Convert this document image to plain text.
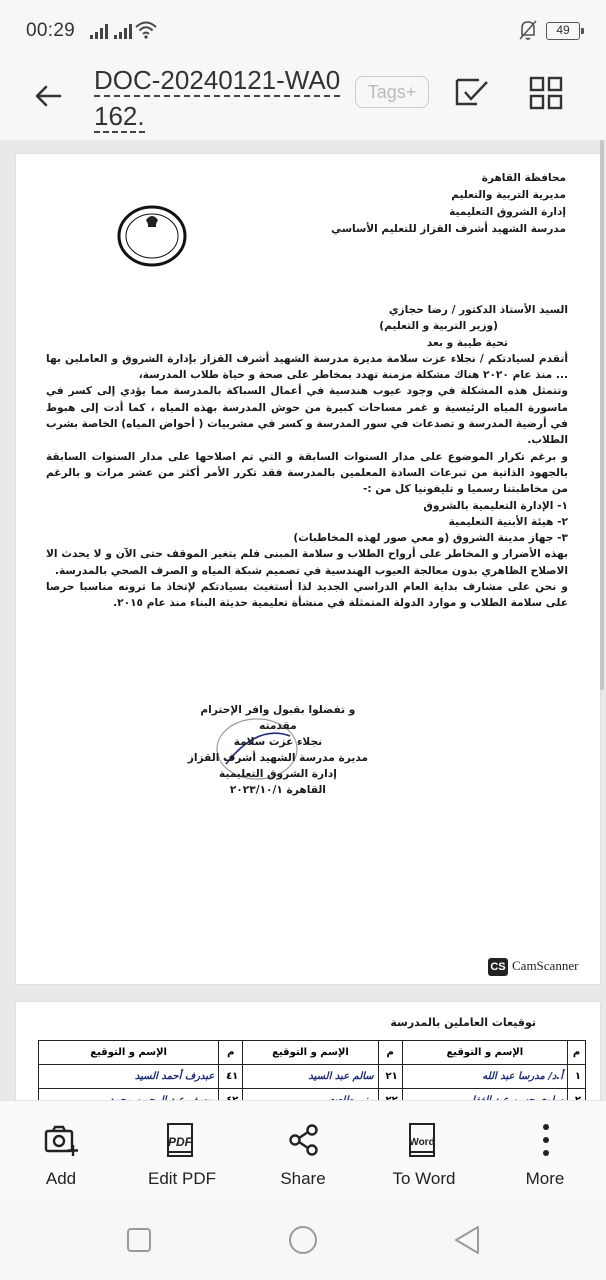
00:29	49
DOC-20240121-WA0162.
Tags+
محافظة القاهرة
مديرية التربية والتعليم
إدارة الشروق التعليمية
مدرسة الشهيد أشرف القزاز للتعليم الأساسي

السيد الأستاذ الدكتور / رضا حجازي

(وزير التربية و التعليم)

تحية طيبة و بعد

أتقدم لسيادتكم / نجلاء عزت سلامة مديرة مدرسة الشهيد أشرف القزاز بإدارة الشروق و العاملين بها ... منذ عام ٢٠٢٠ هناك مشكلة مزمنة تهدد بمخاطر على صحة و حياة طلاب المدرسة،

وتتمثل هذه المشكلة في وجود عيوب هندسية في أعمال السباكة بالمدرسة مما يؤدي إلى كسر في ماسورة المياه الرئيسية و غمر مساحات كبيرة من حوش المدرسة بهذه المياه ، كما أدت إلى هبوط في أرضية المدرسة و تصدعات في سور المدرسة و كسر في مشربيات ( أحواض المياه) الخاصة بشرب الطلاب.

و برغم تكرار الموضوع على مدار السنوات السابقة و التي تم اصلاحها على مدار السنوات السابقة بالجهود الذاتية من تبرعات السادة المعلمين بالمدرسة فقد تكرر الأمر أكثر من عشر مرات و بالرغم من مخاطبتنا رسميا و تليفونيا كل من :-

١- الإدارة التعليمية بالشروق

٢- هيئة الأبنية التعليمية

٣- جهاز مدينة الشروق (و معي صور لهذه المخاطبات)

بهذه الأضرار و المخاطر على أرواح الطلاب و سلامة المبنى فلم يتغير الموقف حتى الآن و لا يحدث الا الاصلاح الظاهري بدون معالجة العيوب الهندسية في تصميم شبكة المياه و الصرف الصحي بالمدرسة.

و نحن على مشارف بداية العام الدراسي الجديد لذا أستغيث بسيادتكم لإتخاذ ما ترونه مناسبا حرصا على سلامة الطلاب و موارد الدولة المتمثلة في منشأة تعليمية حديثة البناء منذ عام ٢٠١٥.

و تفضلوا بقبول وافر الإحترام
مقدمته
نجلاء عزت سلامة
مديرة مدرسة الشهيد أشرف القزاز
إدارة الشروق التعليمية
القاهرة ٢٠٢٣/١٠/١
CS CamScanner
توقيعات العاملين بالمدرسة
م	الإسم و التوقيع	م	الإسم و التوقيع	م	الإسم و التوقيع
١	أ.د/ مدرسا عبد الله	٢١	سالم عبد السيد	٤١	عبدرف أحمد السيد

Add
PDF
Edit PDF	Share
Word
To Word	More
